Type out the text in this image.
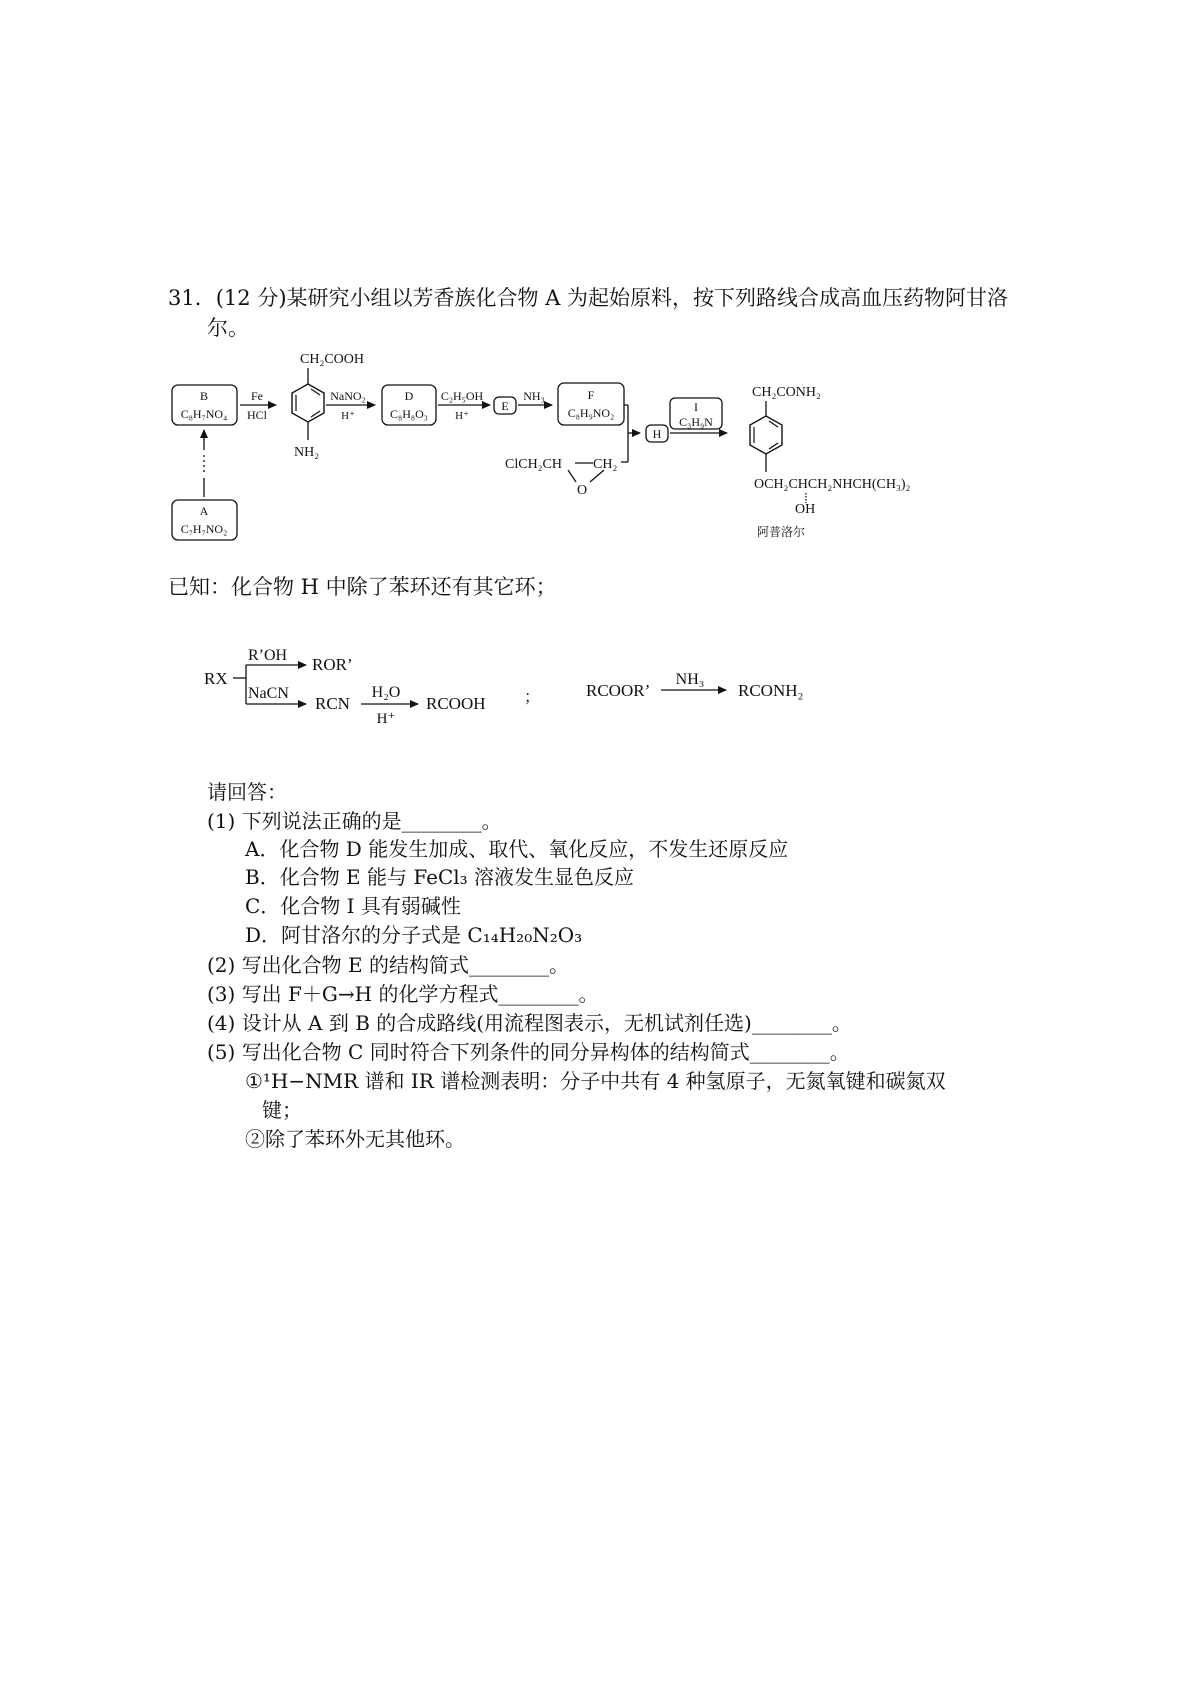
31．(12 分)某研究小组以芳香族化合物 A 为起始原料，按下列路线合成高血压药物阿甘洛
尔。
B
C₈H₇NO₄
A
C₇H₇NO₂
Fe
HCl
CH₂COOH
NH₂
NaNO₂
H⁺
D
C₈H₈O₃
C₂H₅OH
H⁺
E
NH₃	F
C₈H₉NO₂
ClCH₂CH CH₂
O
H
I
C₃H₉N
CH₂CONH₂
OCH₂CHCH₂NHCH(CH₃)₂
OH
阿普洛尔
已知：化合物 H 中除了苯环还有其它环；
RX
R’OH ROR’
NaCN
RCN
H₂O
H⁺
RCOOH ；	RCOOR’
NH₃
RCONH₂
请回答：
(1) 下列说法正确的是________。
A．化合物 D 能发生加成、取代、氧化反应，不发生还原反应
B．化合物 E 能与 FeCl₃ 溶液发生显色反应
C．化合物 I 具有弱碱性
D．阿甘洛尔的分子式是 C₁₄H₂₀N₂O₃
(2) 写出化合物 E 的结构简式________。
(3) 写出 F＋G→H 的化学方程式________。
(4) 设计从 A 到 B 的合成路线(用流程图表示，无机试剂任选)________。
(5) 写出化合物 C 同时符合下列条件的同分异构体的结构简式________。
①¹H−NMR 谱和 IR 谱检测表明：分子中共有 4 种氢原子，无氮氧键和碳氮双
键；
②除了苯环外无其他环。
